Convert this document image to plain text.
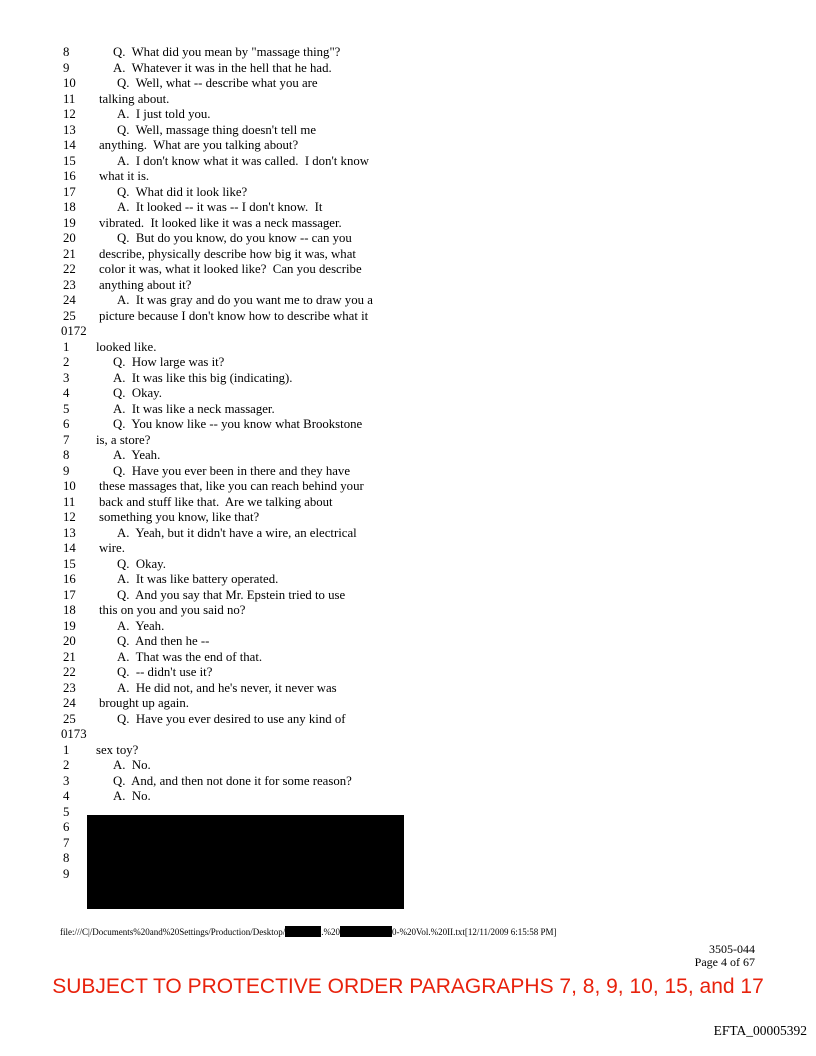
8	Q.  What did you mean by "massage thing"?
9	A.  Whatever it was in the hell that he had.
10	Q.  Well, what -- describe what you are
11 talking about.
12	A.  I just told you.
13	Q.  Well, massage thing doesn't tell me
14 anything.  What are you talking about?
15	A.  I don't know what it was called.  I don't know
16 what it is.
17	Q.  What did it look like?
18	A.  It looked -- it was -- I don't know.  It
19 vibrated.  It looked like it was a neck massager.
20	Q.  But do you know, do you know -- can you
21 describe, physically describe how big it was, what
22 color it was, what it looked like?  Can you describe
23 anything about it?
24	A.  It was gray and do you want me to draw you a
25 picture because I don't know how to describe what it
0172
1 looked like.
2	Q.  How large was it?
3	A.  It was like this big (indicating).
4	Q.  Okay.
5	A.  It was like a neck massager.
6	Q.  You know like -- you know what Brookstone
7 is, a store?
8	A.  Yeah.
9	Q.  Have you ever been in there and they have
10 these massages that, like you can reach behind your
11 back and stuff like that.  Are we talking about
12 something you know, like that?
13	A.  Yeah, but it didn't have a wire, an electrical
14 wire.
15	Q.  Okay.
16	A.  It was like battery operated.
17	Q.  And you say that Mr. Epstein tried to use
18 this on you and you said no?
19	A.  Yeah.
20	Q.  And then he --
21	A.  That was the end of that.
22	Q.  -- didn't use it?
23	A.  He did not, and he's never, it never was
24 brought up again.
25	Q.  Have you ever desired to use any kind of
0173
1 sex toy?
2	A.  No.
3	Q.  And, and then not done it for some reason?
4	A.  No.
5
6
7
8
9
file:///C|/Documents%20and%20Settings/Production/Desktop/	.%20	0-%20Vol.%20II.txt[12/11/2009 6:15:58 PM]
3505-044
Page 4 of 67
SUBJECT TO PROTECTIVE ORDER PARAGRAPHS 7, 8, 9, 10, 15, and 17
EFTA_00005392
